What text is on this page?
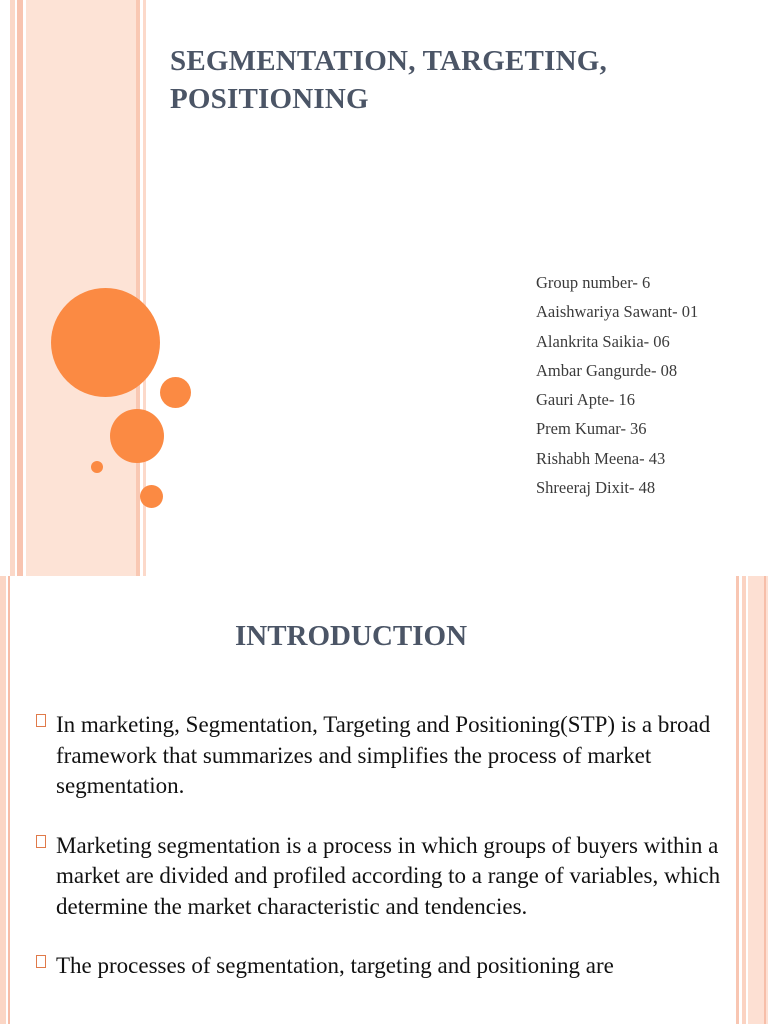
SEGMENTATION, TARGETING,
POSITIONING
Group number- 6
Aaishwariya Sawant- 01
Alankrita Saikia- 06
Ambar Gangurde- 08
Gauri Apte- 16
Prem Kumar- 36
Rishabh Meena- 43
Shreeraj Dixit- 48
INTRODUCTION
In marketing, Segmentation, Targeting and Positioning(STP) is a broad framework that summarizes and simplifies the process of market segmentation.
Marketing segmentation is a process in which groups of buyers within a market are divided and profiled according to a range of variables, which determine the market characteristic and tendencies.
The processes of segmentation, targeting and positioning are
